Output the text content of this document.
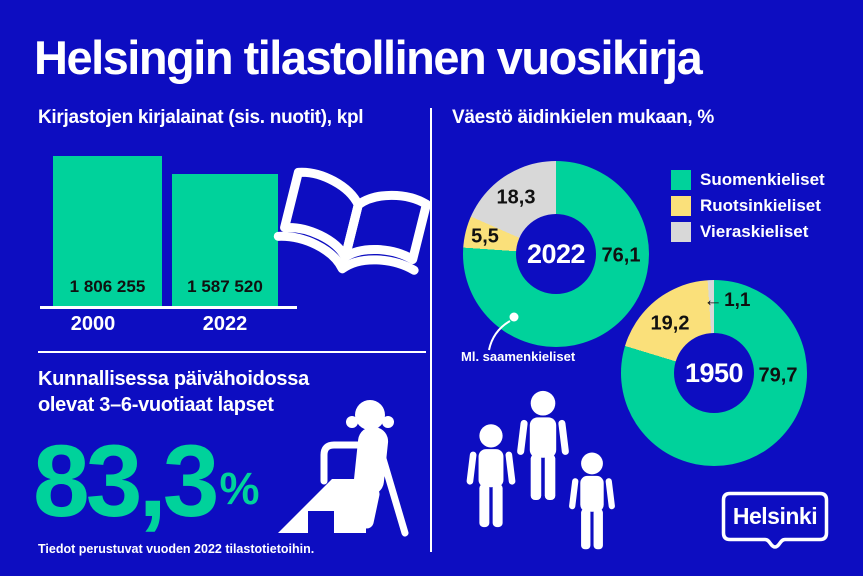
Helsingin tilastollinen vuosikirja
Kirjastojen kirjalainat (sis. nuotit), kpl
1 806 255	1 587 520
2000	2022
Väestö äidinkielen mukaan, %
2022 76,1
5,5
18,3
Suomenkieliset
Ruotsinkieliset
Vieraskieliset
1950 79,7
19,2
← 1,1
Ml. saamenkieliset
Kunnallisessa päivähoidossa
olevat 3–6-vuotiaat lapset
83,3%
Tiedot perustuvat vuoden 2022 tilastotietoihin.
Helsinki
